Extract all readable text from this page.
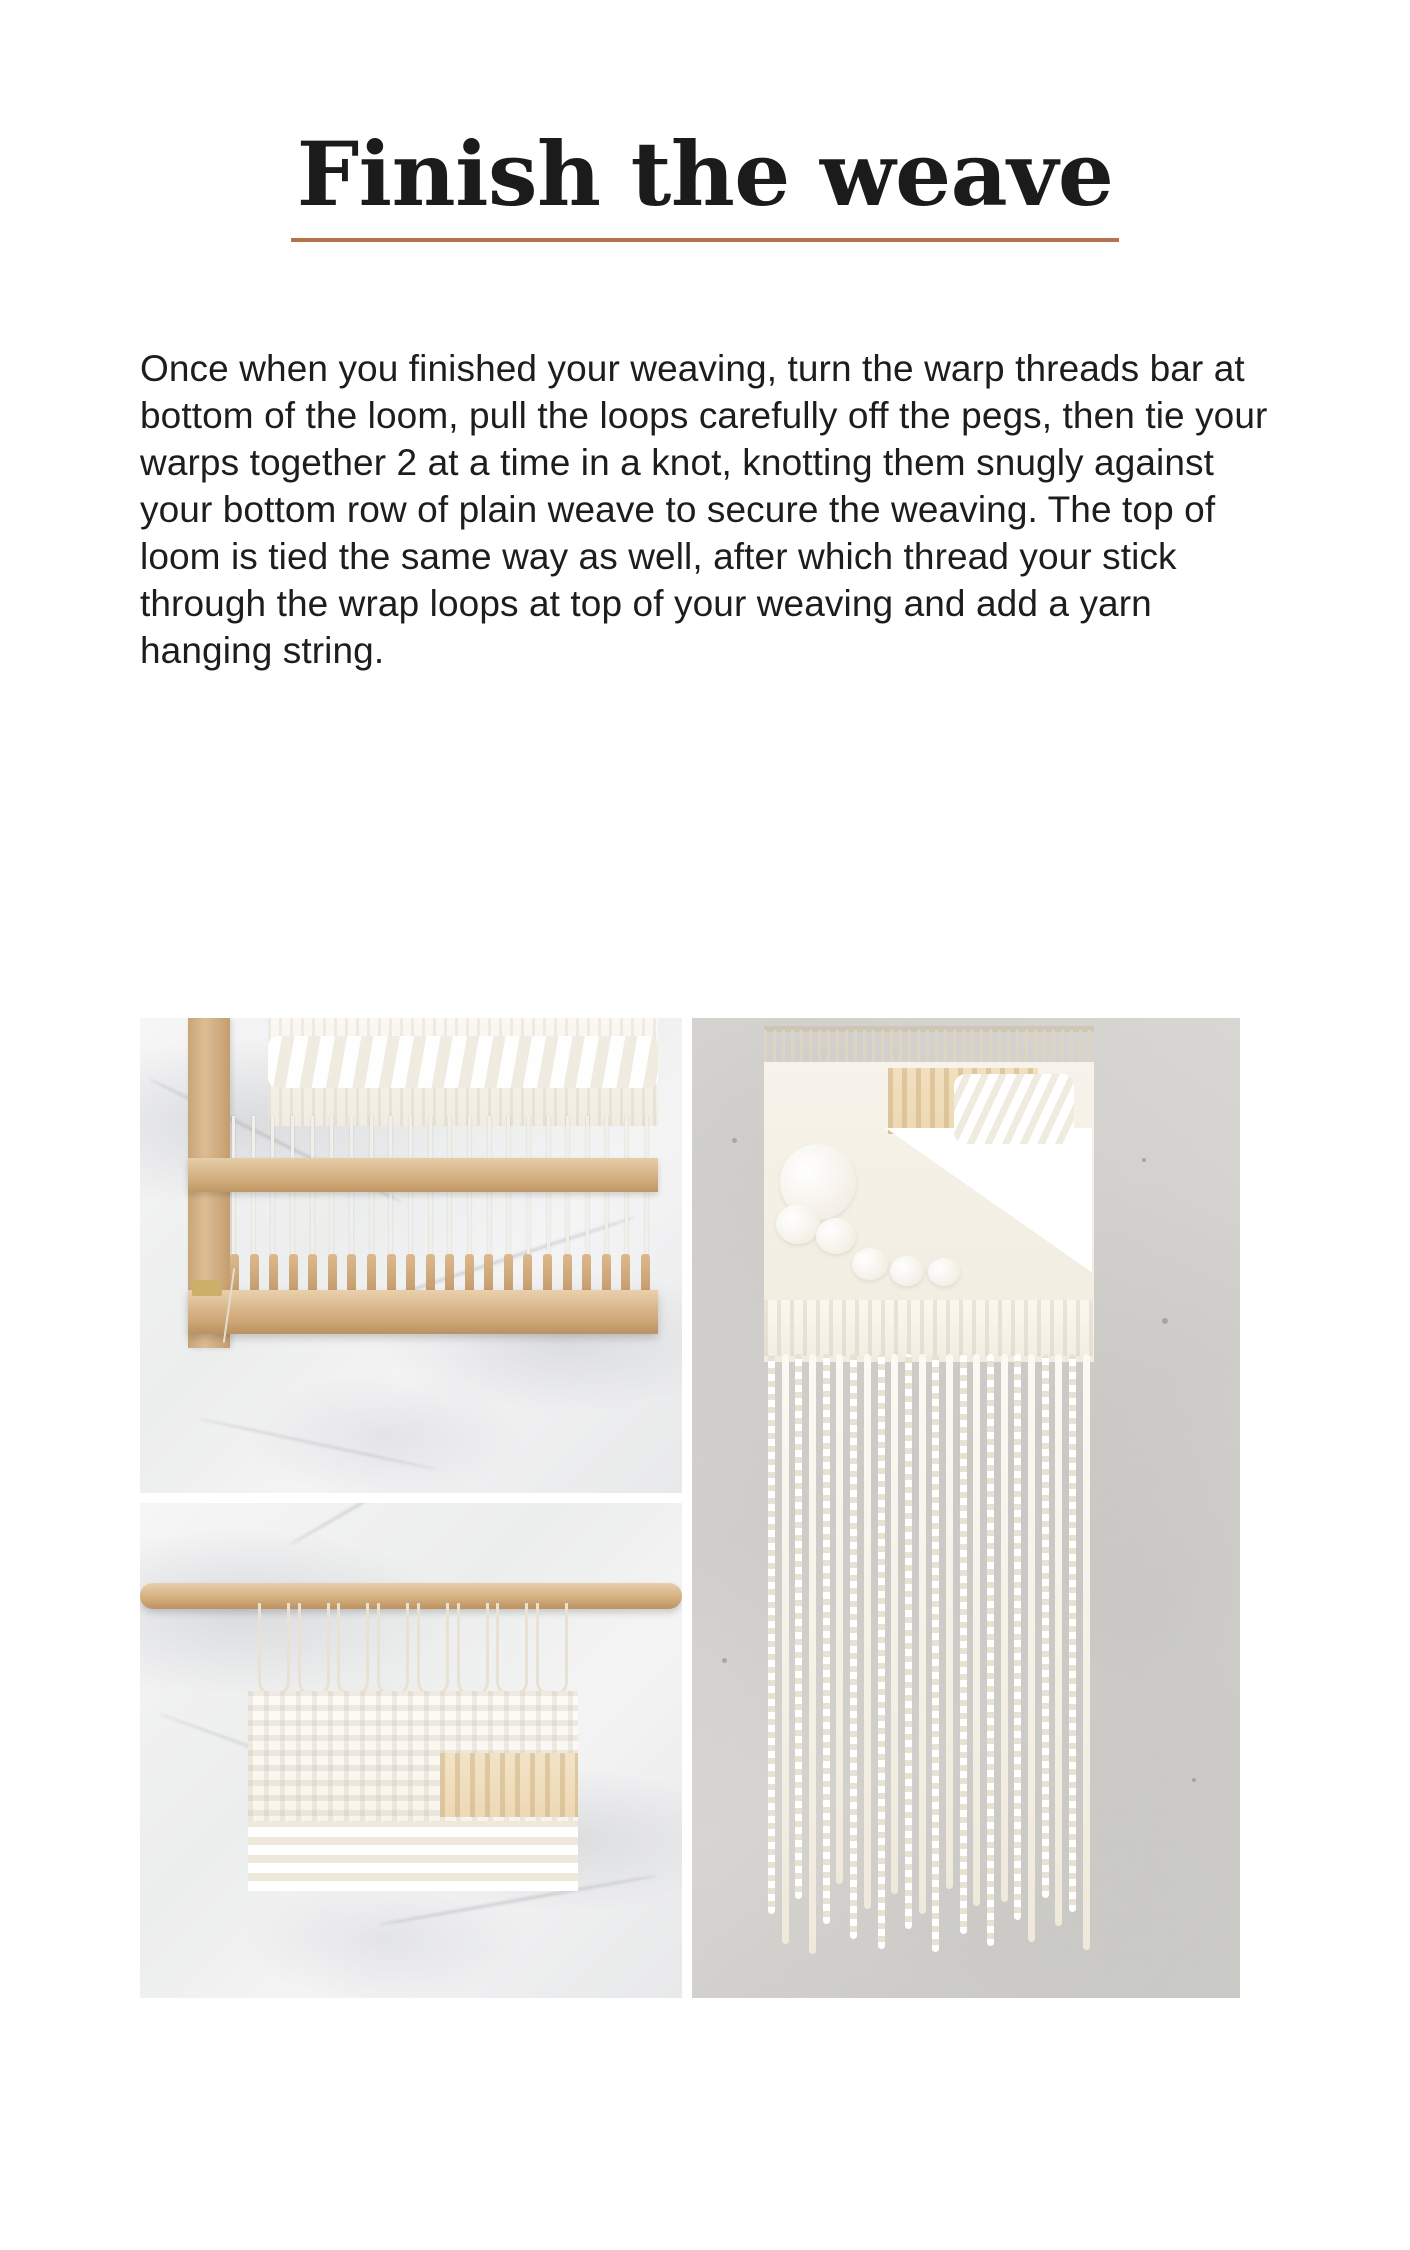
Finish the weave

Once when you finished your weaving, turn the warp threads bar at bottom of the loom, pull the loops carefully off the pegs, then tie your warps together 2 at a time in a knot, knotting them snugly against your bottom row of plain weave to secure the weaving. The top of loom is tied the same way as well, after which thread your stick through the wrap loops at top of your weaving and add a yarn hanging string.
